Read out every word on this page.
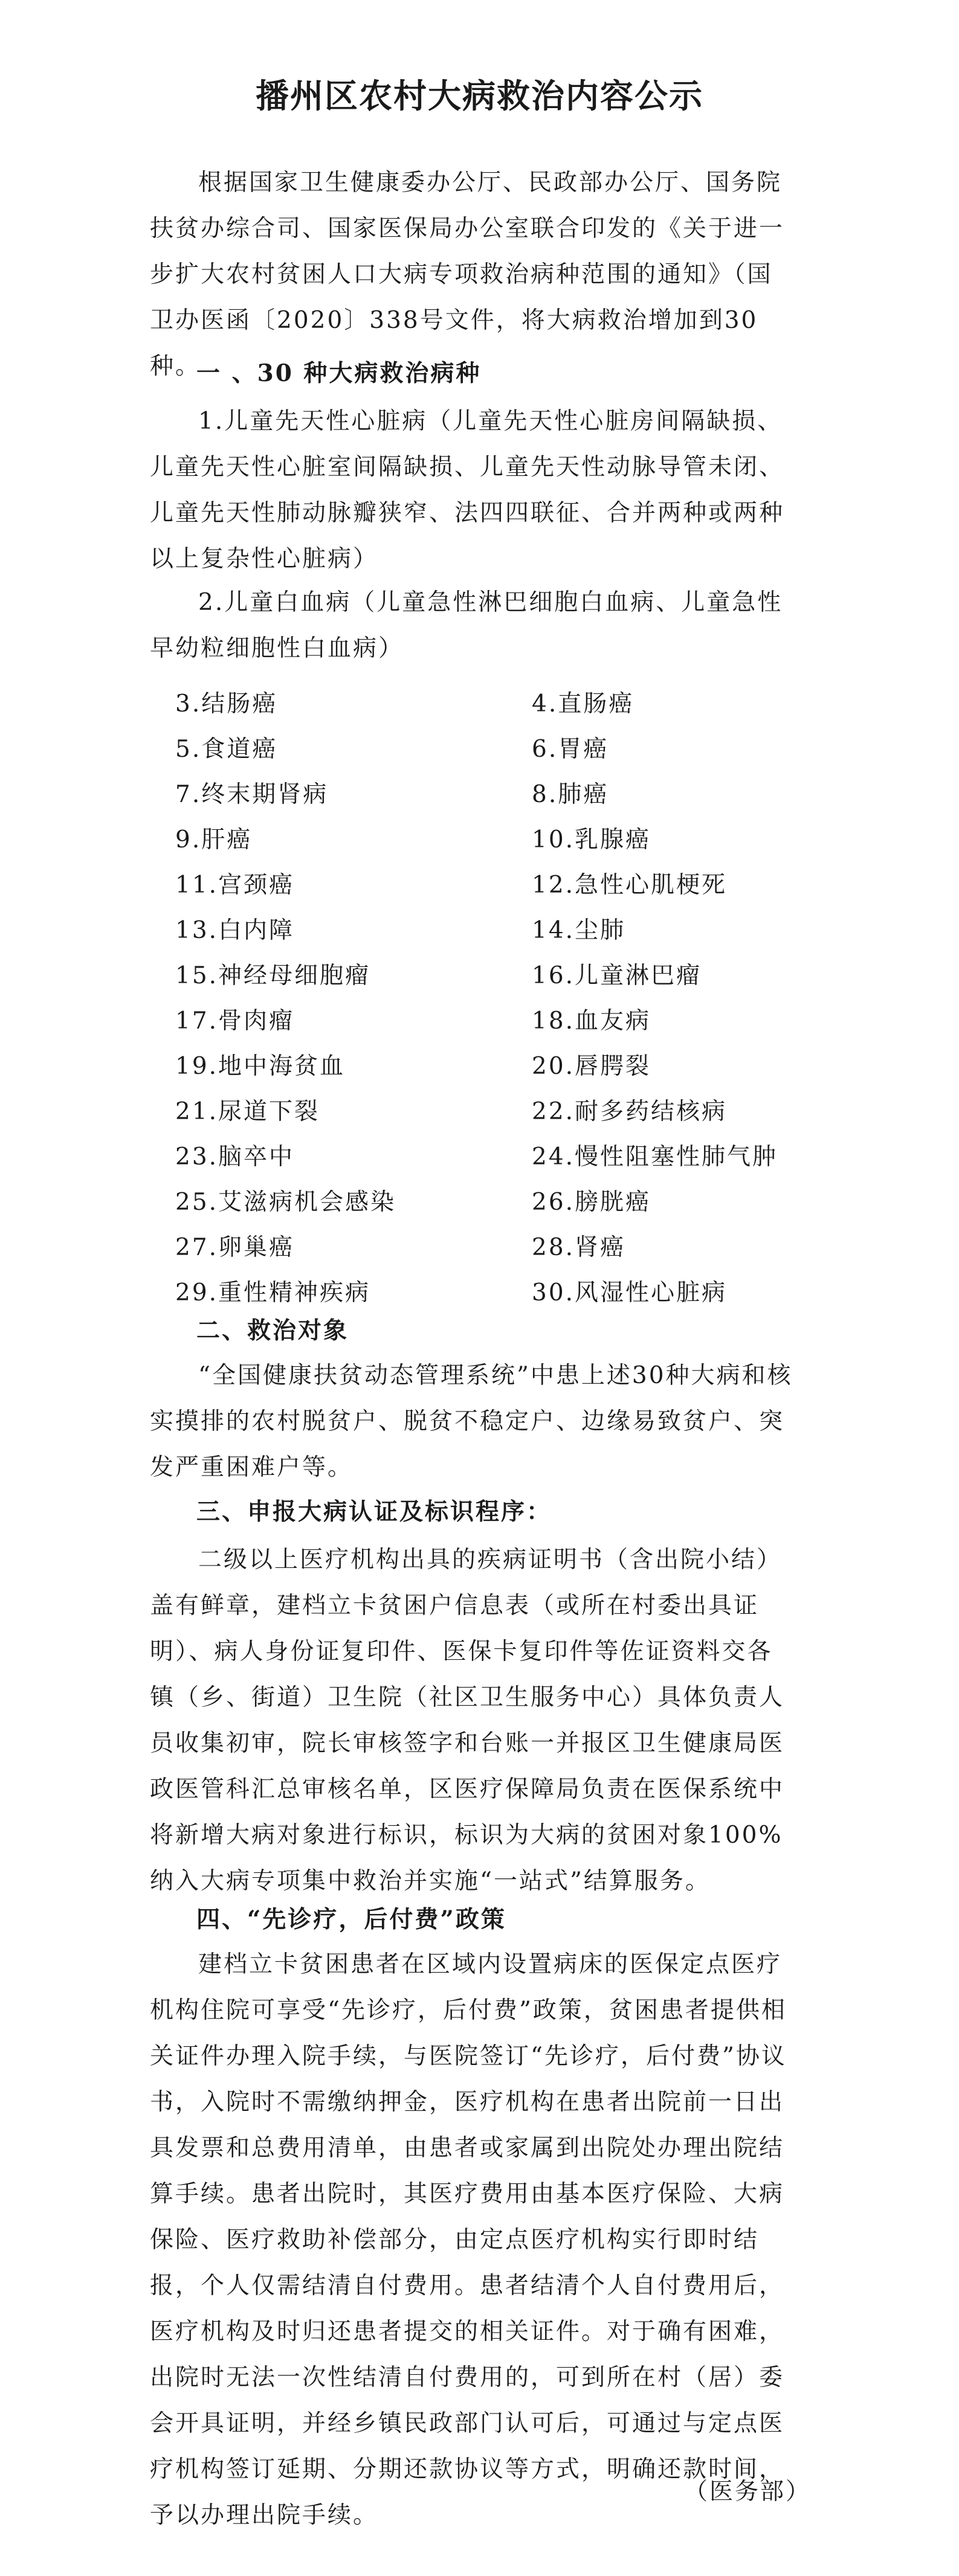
播州区农村大病救治内容公示

根据国家卫生健康委办公厅、民政部办公厅、国务院扶贫办综合司、国家医保局办公室联合印发的《关于进一步扩大农村贫困人口大病专项救治病种范围的通知》（国卫办医函〔2020〕338号文件，将大病救治增加到30种。

一 、30 种大病救治病种

1.儿童先天性心脏病（儿童先天性心脏房间隔缺损、儿童先天性心脏室间隔缺损、儿童先天性动脉导管未闭、儿童先天性肺动脉瓣狭窄、法四四联征、合并两种或两种以上复杂性心脏病）

2.儿童白血病（儿童急性淋巴细胞白血病、儿童急性早幼粒细胞性白血病）

3.结肠癌	4.直肠癌
5.食道癌	6.胃癌
7.终末期肾病	8.肺癌
9.肝癌	10.乳腺癌
11.宫颈癌	12.急性心肌梗死
13.白内障	14.尘肺
15.神经母细胞瘤	16.儿童淋巴瘤
17.骨肉瘤	18.血友病
19.地中海贫血	20.唇腭裂
21.尿道下裂	22.耐多药结核病
23.脑卒中	24.慢性阻塞性肺气肿
25.艾滋病机会感染	26.膀胱癌
27.卵巢癌	28.肾癌
29.重性精神疾病	30.风湿性心脏病

二、救治对象

“全国健康扶贫动态管理系统”中患上述30种大病和核实摸排的农村脱贫户、脱贫不稳定户、边缘易致贫户、突发严重困难户等。

三、申报大病认证及标识程序：

二级以上医疗机构出具的疾病证明书（含出院小结）盖有鲜章，建档立卡贫困户信息表（或所在村委出具证明）、病人身份证复印件、医保卡复印件等佐证资料交各镇（乡、街道）卫生院（社区卫生服务中心）具体负责人员收集初审，院长审核签字和台账一并报区卫生健康局医政医管科汇总审核名单，区医疗保障局负责在医保系统中将新增大病对象进行标识，标识为大病的贫困对象100%纳入大病专项集中救治并实施“一站式”结算服务。

四、“先诊疗，后付费”政策

建档立卡贫困患者在区域内设置病床的医保定点医疗机构住院可享受“先诊疗，后付费”政策，贫困患者提供相关证件办理入院手续，与医院签订“先诊疗，后付费”协议书，入院时不需缴纳押金，医疗机构在患者出院前一日出具发票和总费用清单，由患者或家属到出院处办理出院结算手续。患者出院时，其医疗费用由基本医疗保险、大病保险、医疗救助补偿部分，由定点医疗机构实行即时结报，个人仅需结清自付费用。患者结清个人自付费用后，医疗机构及时归还患者提交的相关证件。对于确有困难，出院时无法一次性结清自付费用的，可到所在村（居）委会开具证明，并经乡镇民政部门认可后，可通过与定点医疗机构签订延期、分期还款协议等方式，明确还款时间，予以办理出院手续。

（医务部）
